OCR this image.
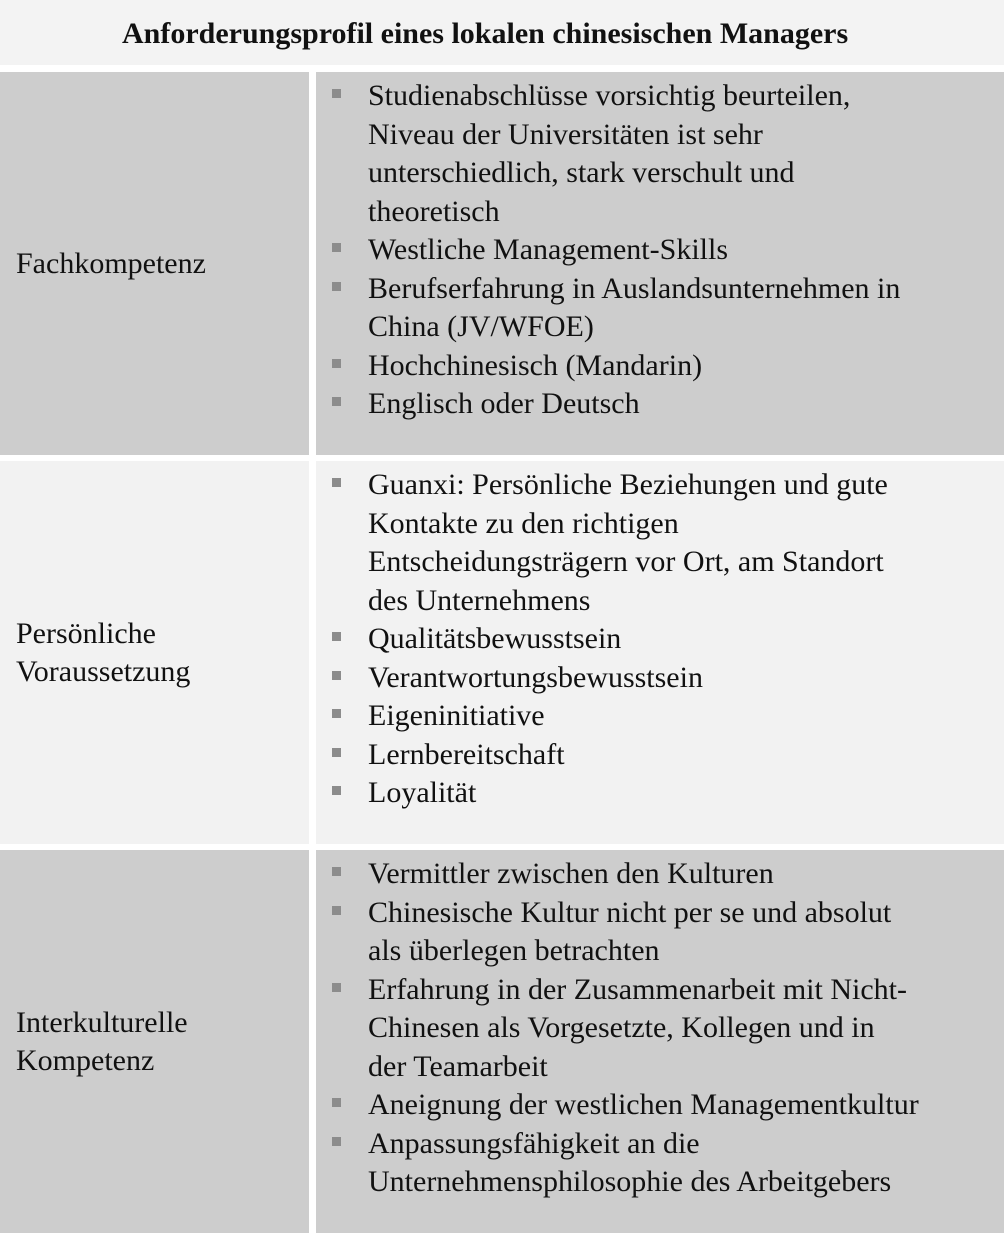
Anforderungsprofil eines lokalen chinesischen Managers
Fachkompetenz
Studienabschlüsse vorsichtig beurteilen,
Niveau der Universitäten ist sehr
unterschiedlich, stark verschult und
theoretisch
Westliche Management-Skills
Berufserfahrung in Auslandsunternehmen in
China (JV/WFOE)
Hochchinesisch (Mandarin)
Englisch oder Deutsch
Persönliche
Voraussetzung
Guanxi: Persönliche Beziehungen und gute
Kontakte zu den richtigen
Entscheidungsträgern vor Ort, am Standort
des Unternehmens
Qualitätsbewusstsein
Verantwortungsbewusstsein
Eigeninitiative
Lernbereitschaft
Loyalität
Interkulturelle
Kompetenz
Vermittler zwischen den Kulturen
Chinesische Kultur nicht per se und absolut
als überlegen betrachten
Erfahrung in der Zusammenarbeit mit Nicht-
Chinesen als Vorgesetzte, Kollegen und in
der Teamarbeit
Aneignung der westlichen Managementkultur
Anpassungsfähigkeit an die
Unternehmensphilosophie des Arbeitgebers
